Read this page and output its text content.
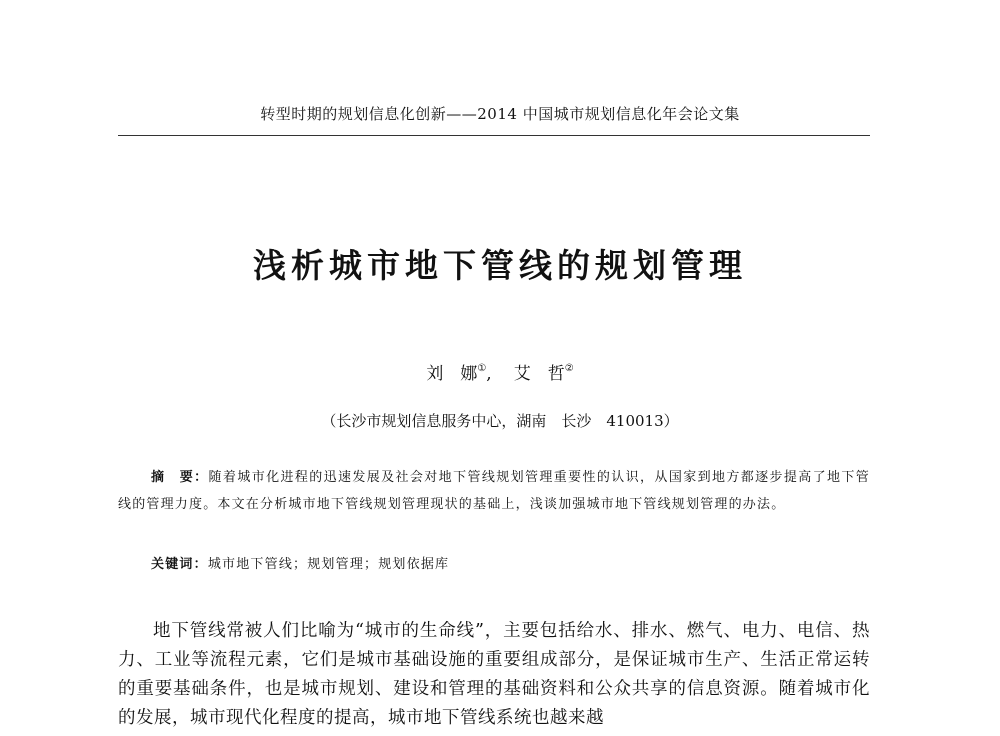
转型时期的规划信息化创新——2014 中国城市规划信息化年会论文集
浅析城市地下管线的规划管理
刘　娜①, 艾　哲②
（长沙市规划信息服务中心，湖南　长沙　410013）
摘　要：随着城市化进程的迅速发展及社会对地下管线规划管理重要性的认识，从国家到地方都逐步提高了地下管线的管理力度。本文在分析城市地下管线规划管理现状的基础上，浅谈加强城市地下管线规划管理的办法。
关键词：城市地下管线；规划管理；规划依据库
地下管线常被人们比喻为“城市的生命线”，主要包括给水、排水、燃气、电力、电信、热力、工业等流程元素，它们是城市基础设施的重要组成部分，是保证城市生产、生活正常运转的重要基础条件，也是城市规划、建设和管理的基础资料和公众共享的信息资源。随着城市化的发展，城市现代化程度的提高，城市地下管线系统也越来越
